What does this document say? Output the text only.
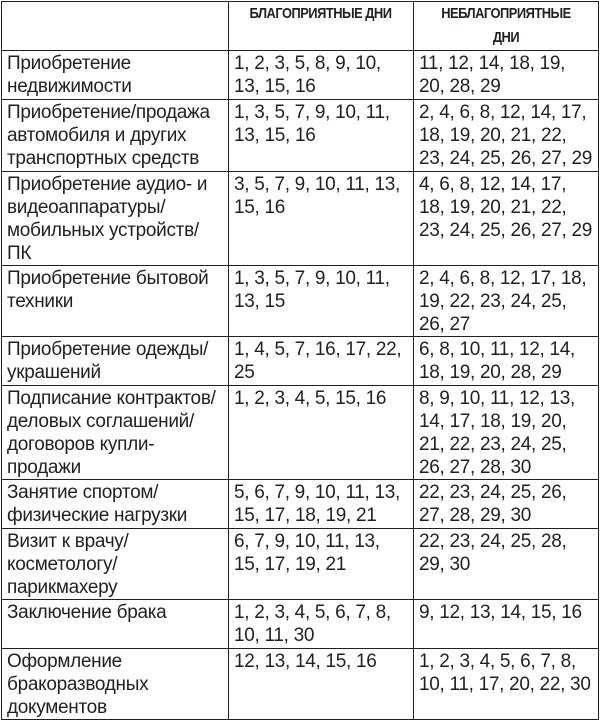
	БЛАГОПРИЯТНЫЕ ДНИ	НЕБЛАГОПРИЯТНЫЕ ДНИ
Приобретение недвижимости	1, 2, 3, 5, 8, 9, 10, 13, 15, 16	11, 12, 14, 18, 19, 20, 28, 29
Приобретение/продажа автомобиля и других транспортных средств	1, 3, 5, 7, 9, 10, 11, 13, 15, 16	2, 4, 6, 8, 12, 14, 17, 18, 19, 20, 21, 22, 23, 24, 25, 26, 27, 29
Приобретение аудио- и видеоаппаратуры/ мобильных устройств/ ПК	3, 5, 7, 9, 10, 11, 13, 15, 16	4, 6, 8, 12, 14, 17, 18, 19, 20, 21, 22, 23, 24, 25, 26, 27, 29
Приобретение бытовой техники	1, 3, 5, 7, 9, 10, 11, 13, 15	2, 4, 6, 8, 12, 17, 18, 19, 22, 23, 24, 25, 26, 27
Приобретение одежды/ украшений	1, 4, 5, 7, 16, 17, 22, 25	6, 8, 10, 11, 12, 14, 18, 19, 20, 28, 29
Подписание контрактов/ деловых соглашений/ договоров купли-продажи	1, 2, 3, 4, 5, 15, 16	8, 9, 10, 11, 12, 13, 14, 17, 18, 19, 20, 21, 22, 23, 24, 25, 26, 27, 28, 30
Занятие спортом/ физические нагрузки	5, 6, 7, 9, 10, 11, 13, 15, 17, 18, 19, 21	22, 23, 24, 25, 26, 27, 28, 29, 30
Визит к врачу/ косметологу/ парикмахеру	6, 7, 9, 10, 11, 13, 15, 17, 19, 21	22, 23, 24, 25, 28, 29, 30
Заключение брака	1, 2, 3, 4, 5, 6, 7, 8, 10, 11, 30	9, 12, 13, 14, 15, 16
Оформление бракоразводных документов	12, 13, 14, 15, 16	1, 2, 3, 4, 5, 6, 7, 8, 10, 11, 17, 20, 22, 30
